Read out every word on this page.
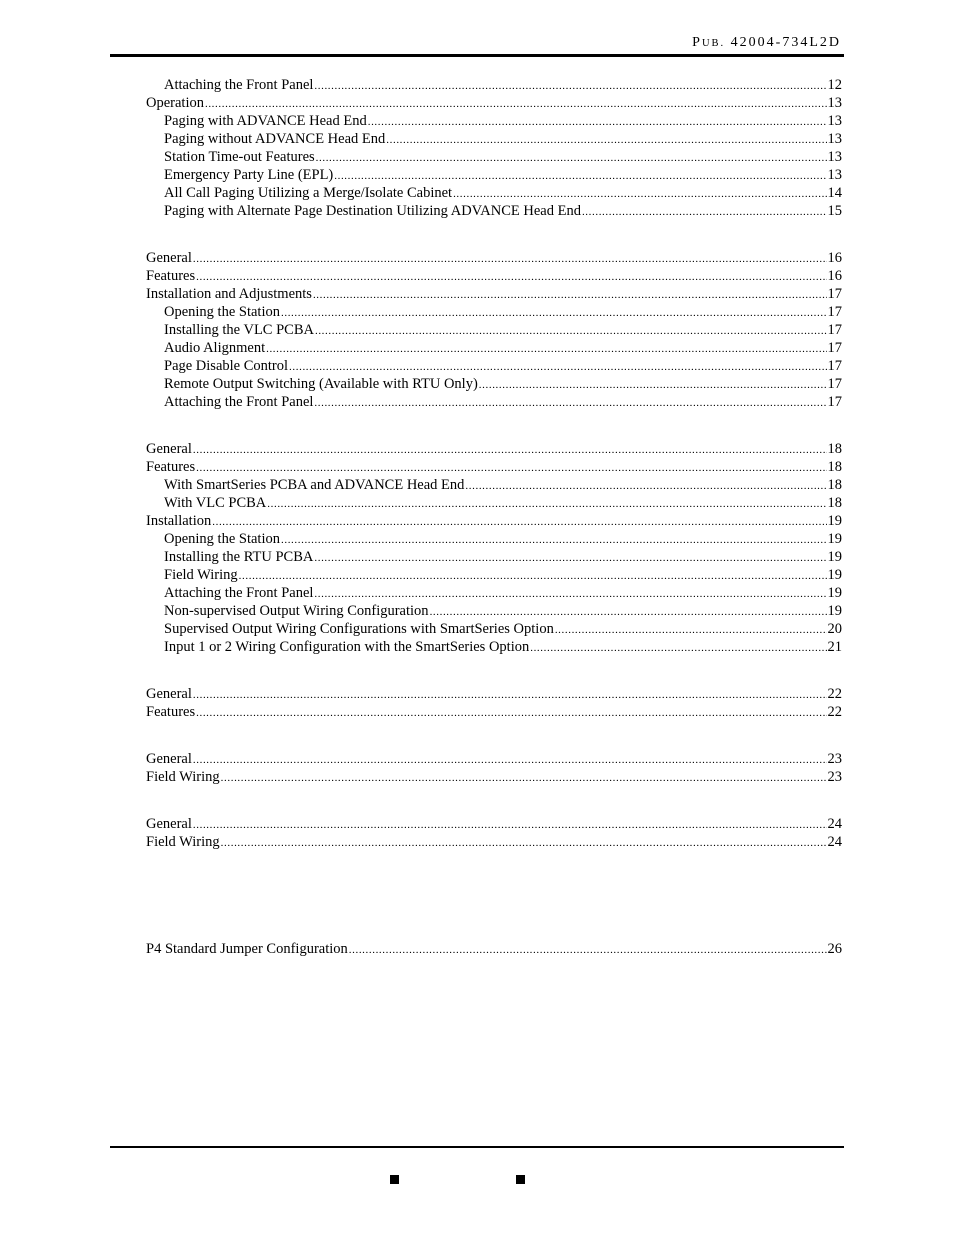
PUB. 42004-734L2D
Attaching the Front Panel .....	12
Operation .....	13
Paging with ADVANCE Head End .....	13
Paging without ADVANCE Head End .....	13
Station Time-out Features .....	13
Emergency Party Line (EPL) .....	13
All Call Paging Utilizing a Merge/Isolate Cabinet .....	14
Paging with Alternate Page Destination Utilizing ADVANCE Head End .....	15
General .....	16
Features .....	16
Installation and Adjustments .....	17
Opening the Station .....	17
Installing the VLC PCBA .....	17
Audio Alignment .....	17
Page Disable Control .....	17
Remote Output Switching (Available with RTU Only) .....	17
Attaching the Front Panel .....	17
General .....	18
Features .....	18
With SmartSeries PCBA and ADVANCE Head End .....	18
With VLC PCBA .....	18
Installation .....	19
Opening the Station .....	19
Installing the RTU PCBA .....	19
Field Wiring .....	19
Attaching the Front Panel .....	19
Non-supervised Output Wiring Configuration .....	19
Supervised Output Wiring Configurations with SmartSeries Option .....	20
Input 1 or 2 Wiring Configuration with the SmartSeries Option .....	21
General .....	22
Features .....	22
General .....	23
Field Wiring .....	23
General .....	24
Field Wiring .....	24
P4 Standard Jumper Configuration .....	26
